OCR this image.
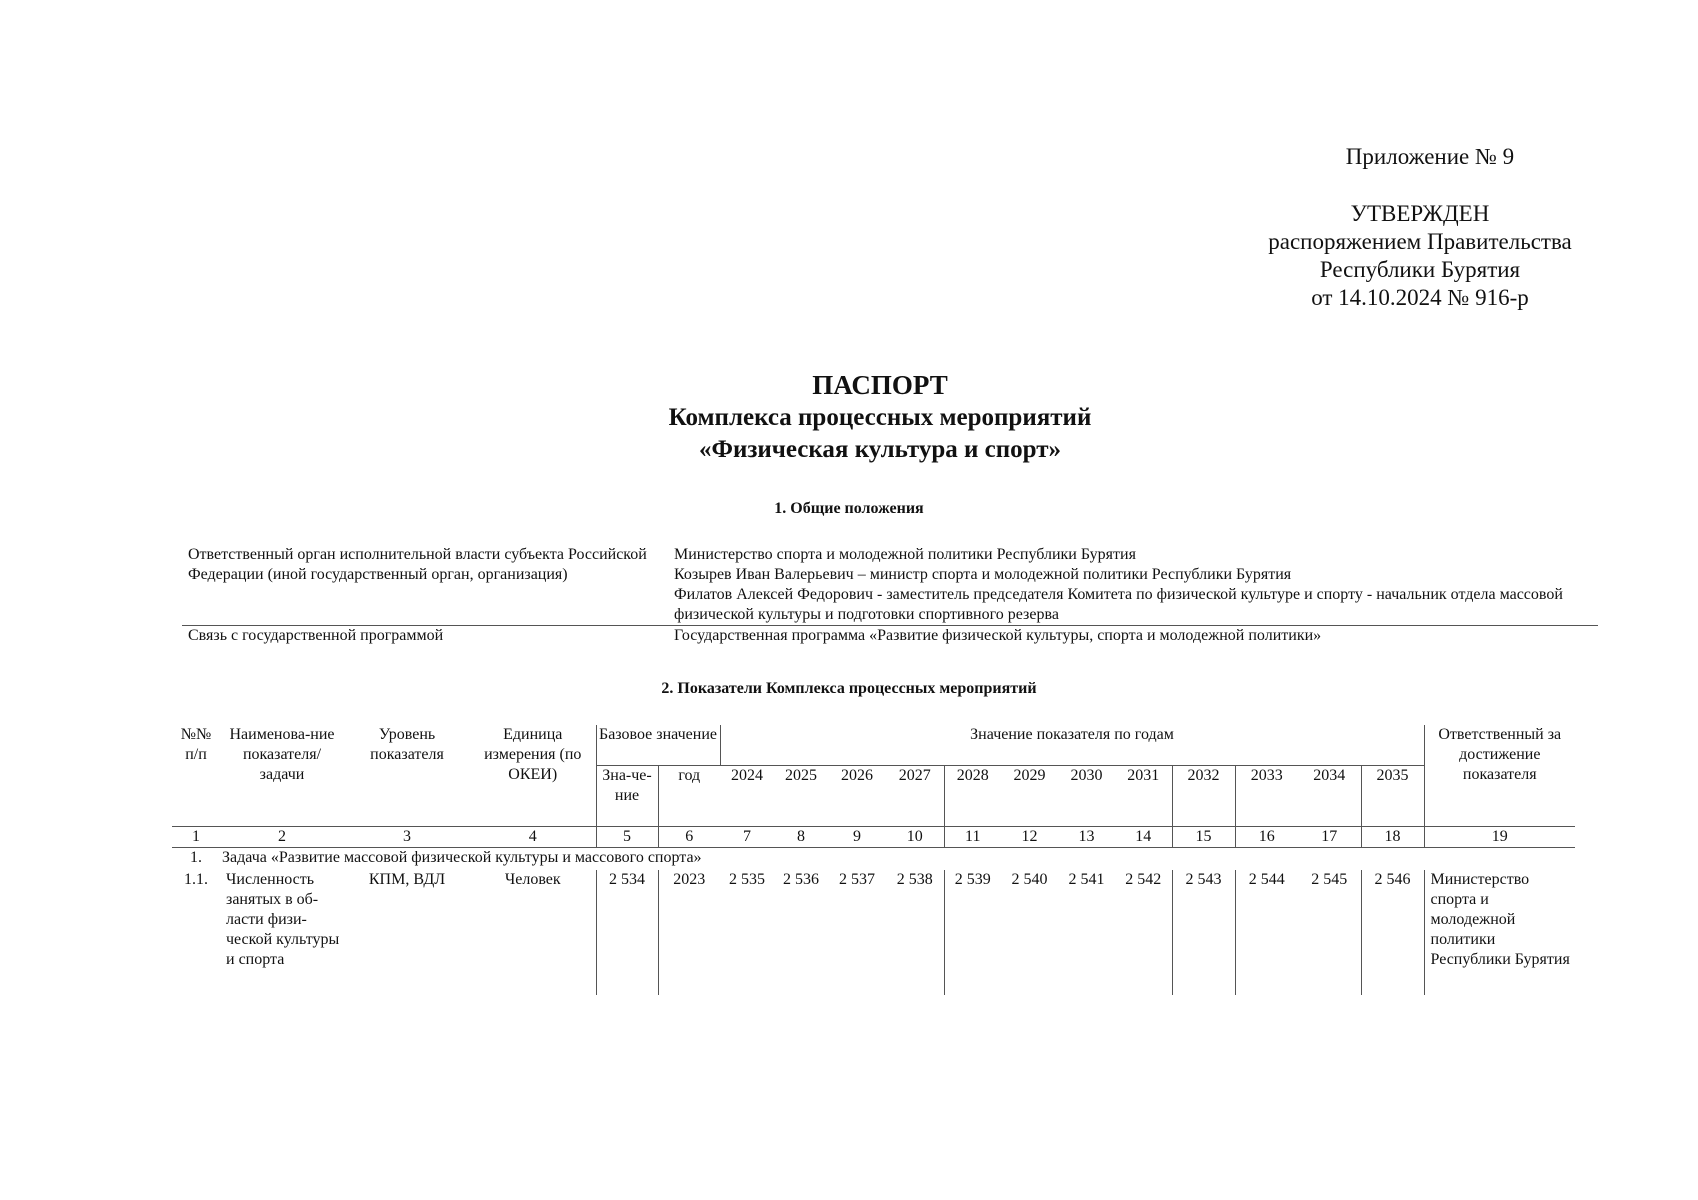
Приложение № 9
УТВЕРЖДЕН
распоряжением Правительства
Республики Бурятия
от 14.10.2024 № 916-р
ПАСПОРТ
Комплекса процессных мероприятий
«Физическая культура и спорт»
1. Общие положения
Ответственный орган исполнительной власти субъекта Российской Федерации (иной государственный орган, организация)	Министерство спорта и молодежной политики Республики Бурятия
Козырев Иван Валерьевич – министр спорта и молодежной политики Республики Бурятия
Филатов Алексей Федорович - заместитель председателя Комитета по физической культуре и спорту - начальник отдела массовой физической культуры и подготовки спортивного резерва

Связь с государственной программой	Государственная программа «Развитие физической культуры, спорта и молодежной политики»
2. Показатели Комплекса процессных мероприятий
№№ п/п	Наименова-ние показателя/ задачи	Уровень показателя	Единица измерения (по ОКЕИ)	Базовое значение		Значение показателя по годам												Ответственный за достижение показателя
				Зна-че-ние	год	2024	2025	2026	2027	2028	2029	2030	2031	2032	2033	2034	2035	
1	2	3	4	5	6	7	8	9	10	11	12	13	14	15	16	17	18	19
1.	Задача «Развитие массовой физической культуры и массового спорта»																	
1.1.	Численность занятых в об-ласти физи-ческой культуры и спорта	КПМ, ВДЛ	Человек	2 534	2023	2 535	2 536	2 537	2 538	2 539	2 540	2 541	2 542	2 543	2 544	2 545	2 546	Министерство спорта и молодежной политики Республики Бурятия
